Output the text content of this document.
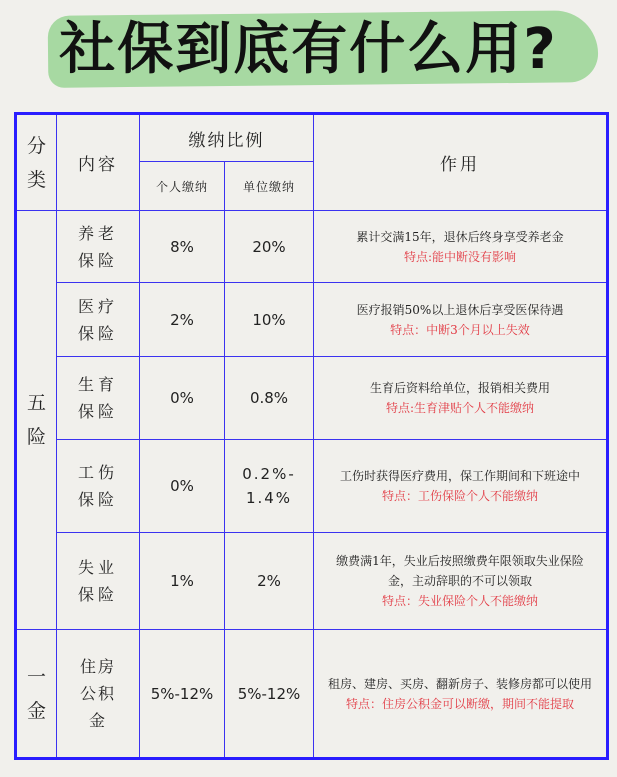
社保到底有什么用?
分类	内容	缴纳比例		作用
		个人缴纳	单位缴纳	
五险	养老保险	8%	20%	累计交满15年，退休后终身享受养老金
特点:能中断没有影响

	医疗保险	2%	10%	医疗报销50%以上退休后享受医保待遇
特点：中断3个月以上失效

	生育保险	0%	0.8%	生育后资料给单位，报销相关费用
特点:生育津贴个人不能缴纳

	工伤保险	0%	0.2%-1.4%	工伤时获得医疗费用，保工作期间和下班途中
特点：工伤保险个人不能缴纳

	失业保险	1%	2%	缴费满1年，失业后按照缴费年限领取失业保险金，主动辞职的不可以领取
特点：失业保险个人不能缴纳

一金	住房公积金	5%-12%	5%-12%	租房、建房、买房、翻新房子、装修房都可以使用
特点：住房公积金可以断缴，期间不能提取
